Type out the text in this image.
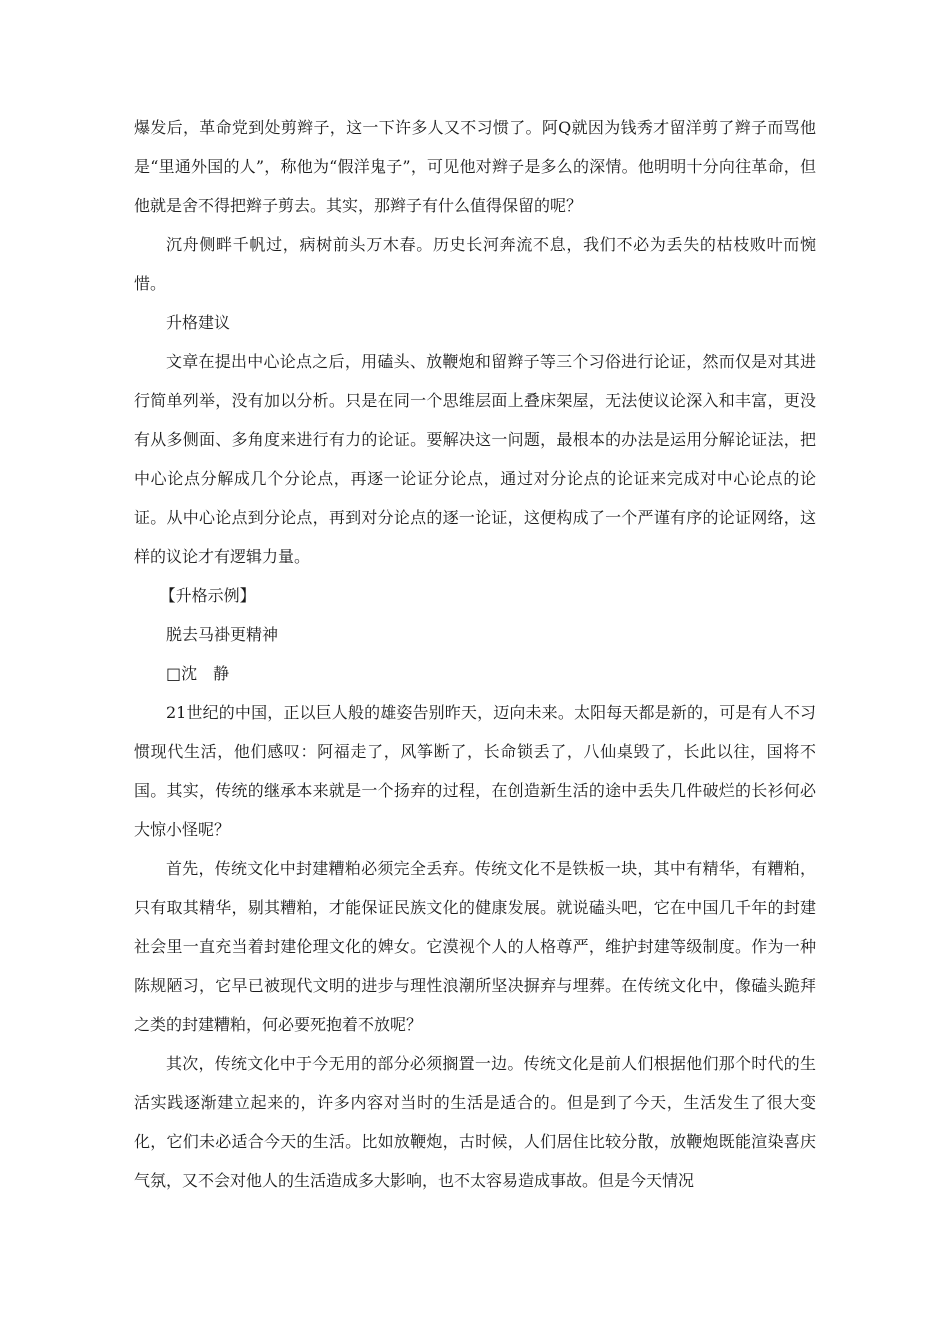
爆发后，革命党到处剪辫子，这一下许多人又不习惯了。阿Q就因为钱秀才留洋剪了辫子而骂他是“里通外国的人”，称他为“假洋鬼子”，可见他对辫子是多么的深情。他明明十分向往革命，但他就是舍不得把辫子剪去。其实，那辫子有什么值得保留的呢？

沉舟侧畔千帆过，病树前头万木春。历史长河奔流不息，我们不必为丢失的枯枝败叶而惋惜。

升格建议

文章在提出中心论点之后，用磕头、放鞭炮和留辫子等三个习俗进行论证，然而仅是对其进行简单列举，没有加以分析。只是在同一个思维层面上叠床架屋，无法使议论深入和丰富，更没有从多侧面、多角度来进行有力的论证。要解决这一问题，最根本的办法是运用分解论证法，把中心论点分解成几个分论点，再逐一论证分论点，通过对分论点的论证来完成对中心论点的论证。从中心论点到分论点，再到对分论点的逐一论证，这便构成了一个严谨有序的论证网络，这样的议论才有逻辑力量。

【升格示例】

脱去马褂更精神

□沈　静

21世纪的中国，正以巨人般的雄姿告别昨天，迈向未来。太阳每天都是新的，可是有人不习惯现代生活，他们感叹：阿福走了，风筝断了，长命锁丢了，八仙桌毁了，长此以往，国将不国。其实，传统的继承本来就是一个扬弃的过程，在创造新生活的途中丢失几件破烂的长衫何必大惊小怪呢？

首先，传统文化中封建糟粕必须完全丢弃。传统文化不是铁板一块，其中有精华，有糟粕，只有取其精华，剔其糟粕，才能保证民族文化的健康发展。就说磕头吧，它在中国几千年的封建社会里一直充当着封建伦理文化的婢女。它漠视个人的人格尊严，维护封建等级制度。作为一种陈规陋习，它早已被现代文明的进步与理性浪潮所坚决摒弃与埋葬。在传统文化中，像磕头跪拜之类的封建糟粕，何必要死抱着不放呢？

其次，传统文化中于今无用的部分必须搁置一边。传统文化是前人们根据他们那个时代的生活实践逐渐建立起来的，许多内容对当时的生活是适合的。但是到了今天，生活发生了很大变化，它们未必适合今天的生活。比如放鞭炮，古时候，人们居住比较分散，放鞭炮既能渲染喜庆气氛，又不会对他人的生活造成多大影响，也不太容易造成事故。但是今天情况
